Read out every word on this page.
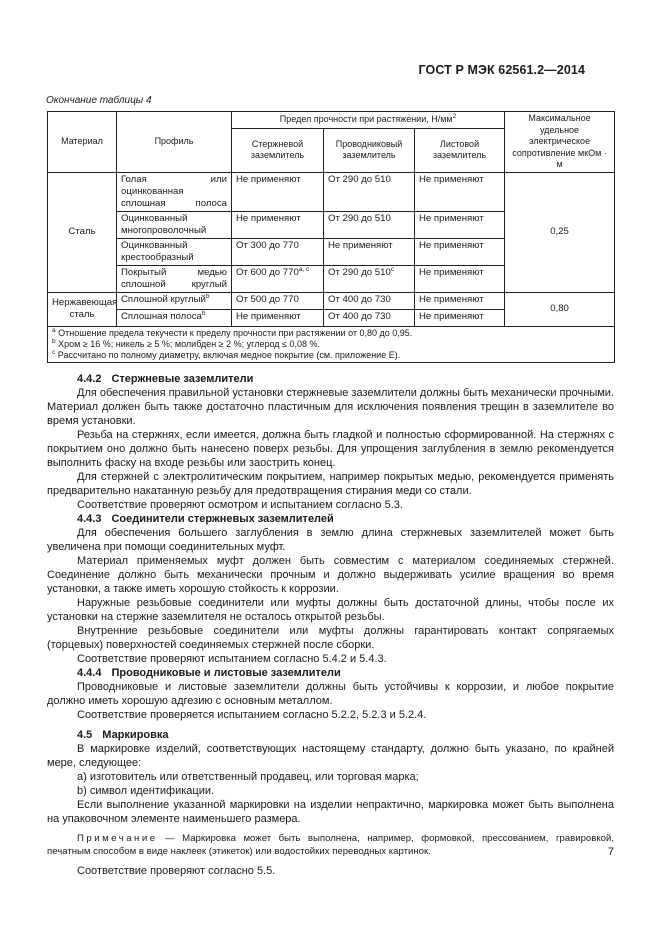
ГОСТ Р МЭК 62561.2—2014
Окончание таблицы 4
Материал	Профиль	Предел прочности при растяжении, $Н/мм^2$			Максимальное удельное электрическое сопротивление мкОм · м
		Стержневой заземлитель	Проводниковый заземлитель	Листовой заземлитель	
Сталь	Голая или оцинкованная сплошная полоса	Не применяют	От 290 до 510	Не применяют	0,25
	Оцинкованный многопроволочный	Не применяют	От 290 до 510	Не применяют	
	Оцинкованный крестообразный	От 300 до 770	Не применяют	Не применяют	
	Покрытый медью сплошной круглый	От 600 до 770$^{a, c}$	От 290 до 510$^c$	Не применяют	
Нержавеющая сталь	Сплошной круглый$^b$	От 500 до 770	От 400 до 730	Не применяют	0,80
	Сплошная полоса$^b$	Не применяют	От 400 до 730	Не применяют	

$^a$ Отношение предела текучести к пределу прочности при растяжении от 0,80 до 0,95.
$^b$ Хром ≥ 16 %; никель ≥ 5 %; молибден ≥ 2 %; углерод ≤ 0,08 %.
$^c$ Рассчитано по полному диаметру, включая медное покрытие (см. приложение Е).					

4.4.2 Стержневые заземлители

Для обеспечения правильной установки стержневые заземлители должны быть механически прочными. Материал должен быть также достаточно пластичным для исключения появления трещин в заземлителе во время установки.

Резьба на стержнях, если имеется, должна быть гладкой и полностью сформированной. На стержнях с покрытием оно должно быть нанесено поверх резьбы. Для упрощения заглубления в землю рекомендуется выполнить фаску на входе резьбы или заострить конец.

Для стержней с электролитическим покрытием, например покрытых медью, рекомендуется применять предварительно накатанную резьбу для предотвращения стирания меди со стали.

Соответствие проверяют осмотром и испытанием согласно 5.3.

4.4.3 Соединители стержневых заземлителей

Для обеспечения большего заглубления в землю длина стержневых заземлителей может быть увеличена при помощи соединительных муфт.

Материал применяемых муфт должен быть совместим с материалом соединяемых стержней. Соединение должно быть механически прочным и должно выдерживать усилие вращения во время установки, а также иметь хорошую стойкость к коррозии.

Наружные резьбовые соединители или муфты должны быть достаточной длины, чтобы после их установки на стержне заземлителя не осталось открытой резьбы.

Внутренние резьбовые соединители или муфты должны гарантировать контакт сопрягаемых (торцевых) поверхностей соединяемых стержней после сборки.

Соответствие проверяют испытанием согласно 5.4.2 и 5.4.3.

4.4.4 Проводниковые и листовые заземлители

Проводниковые и листовые заземлители должны быть устойчивы к коррозии, и любое покрытие должно иметь хорошую адгезию с основным металлом.

Соответствие проверяется испытанием согласно 5.2.2, 5.2.3 и 5.2.4.

4.5 Маркировка

В маркировке изделий, соответствующих настоящему стандарту, должно быть указано, по крайней мере, следующее:

a) изготовитель или ответственный продавец, или торговая марка;

b) символ идентификации.

Если выполнение указанной маркировки на изделии непрактично, маркировка может быть выполнена на упаковочном элементе наименьшего размера.

Примечание — Маркировка может быть выполнена, например, формовкой, прессованием, гравировкой, печатным способом в виде наклеек (этикеток) или водостойких переводных картинок.

Соответствие проверяют согласно 5.5.

7
